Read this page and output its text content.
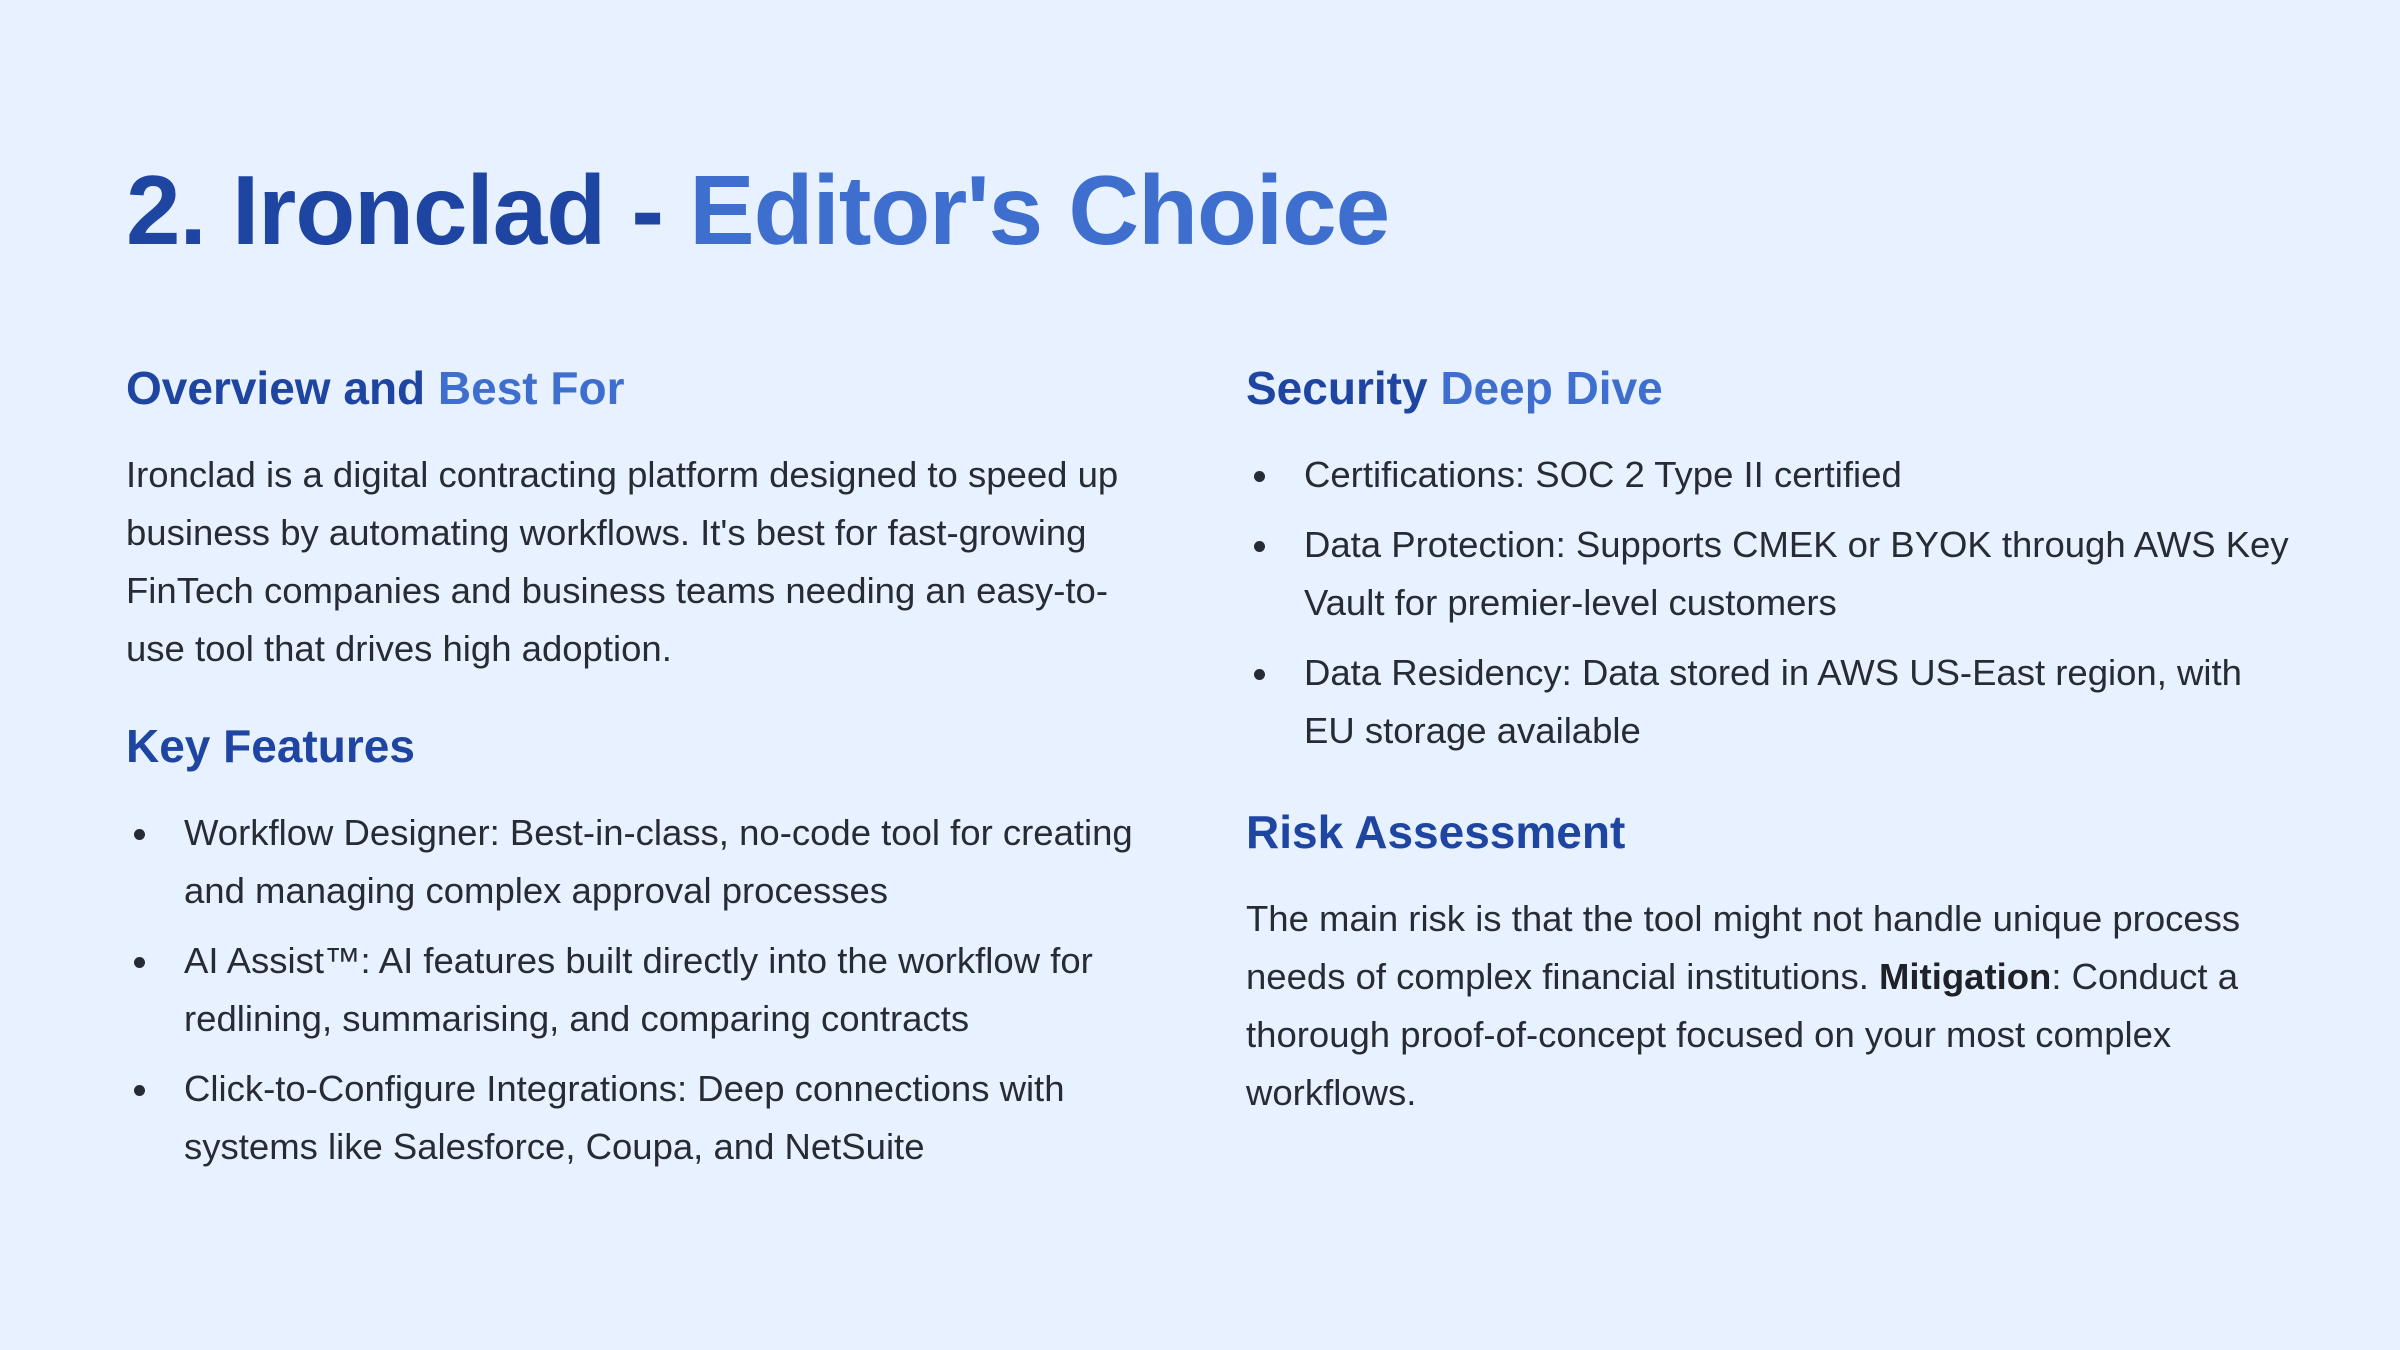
2. Ironclad - Editor's Choice
Overview and Best For

Ironclad is a digital contracting platform designed to speed up business by automating workflows. It's best for fast-growing FinTech companies and business teams needing an easy-to-use tool that drives high adoption.

Key Features
Workflow Designer: Best-in-class, no-code tool for creating and managing complex approval processes
AI Assist™: AI features built directly into the workflow for redlining, summarising, and comparing contracts
Click-to-Configure Integrations: Deep connections with systems like Salesforce, Coupa, and NetSuite
Security Deep Dive
Certifications: SOC 2 Type II certified
Data Protection: Supports CMEK or BYOK through AWS Key Vault for premier-level customers
Data Residency: Data stored in AWS US-East region, with EU storage available
Risk Assessment

The main risk is that the tool might not handle unique process needs of complex financial institutions. Mitigation: Conduct a thorough proof-of-concept focused on your most complex workflows.
